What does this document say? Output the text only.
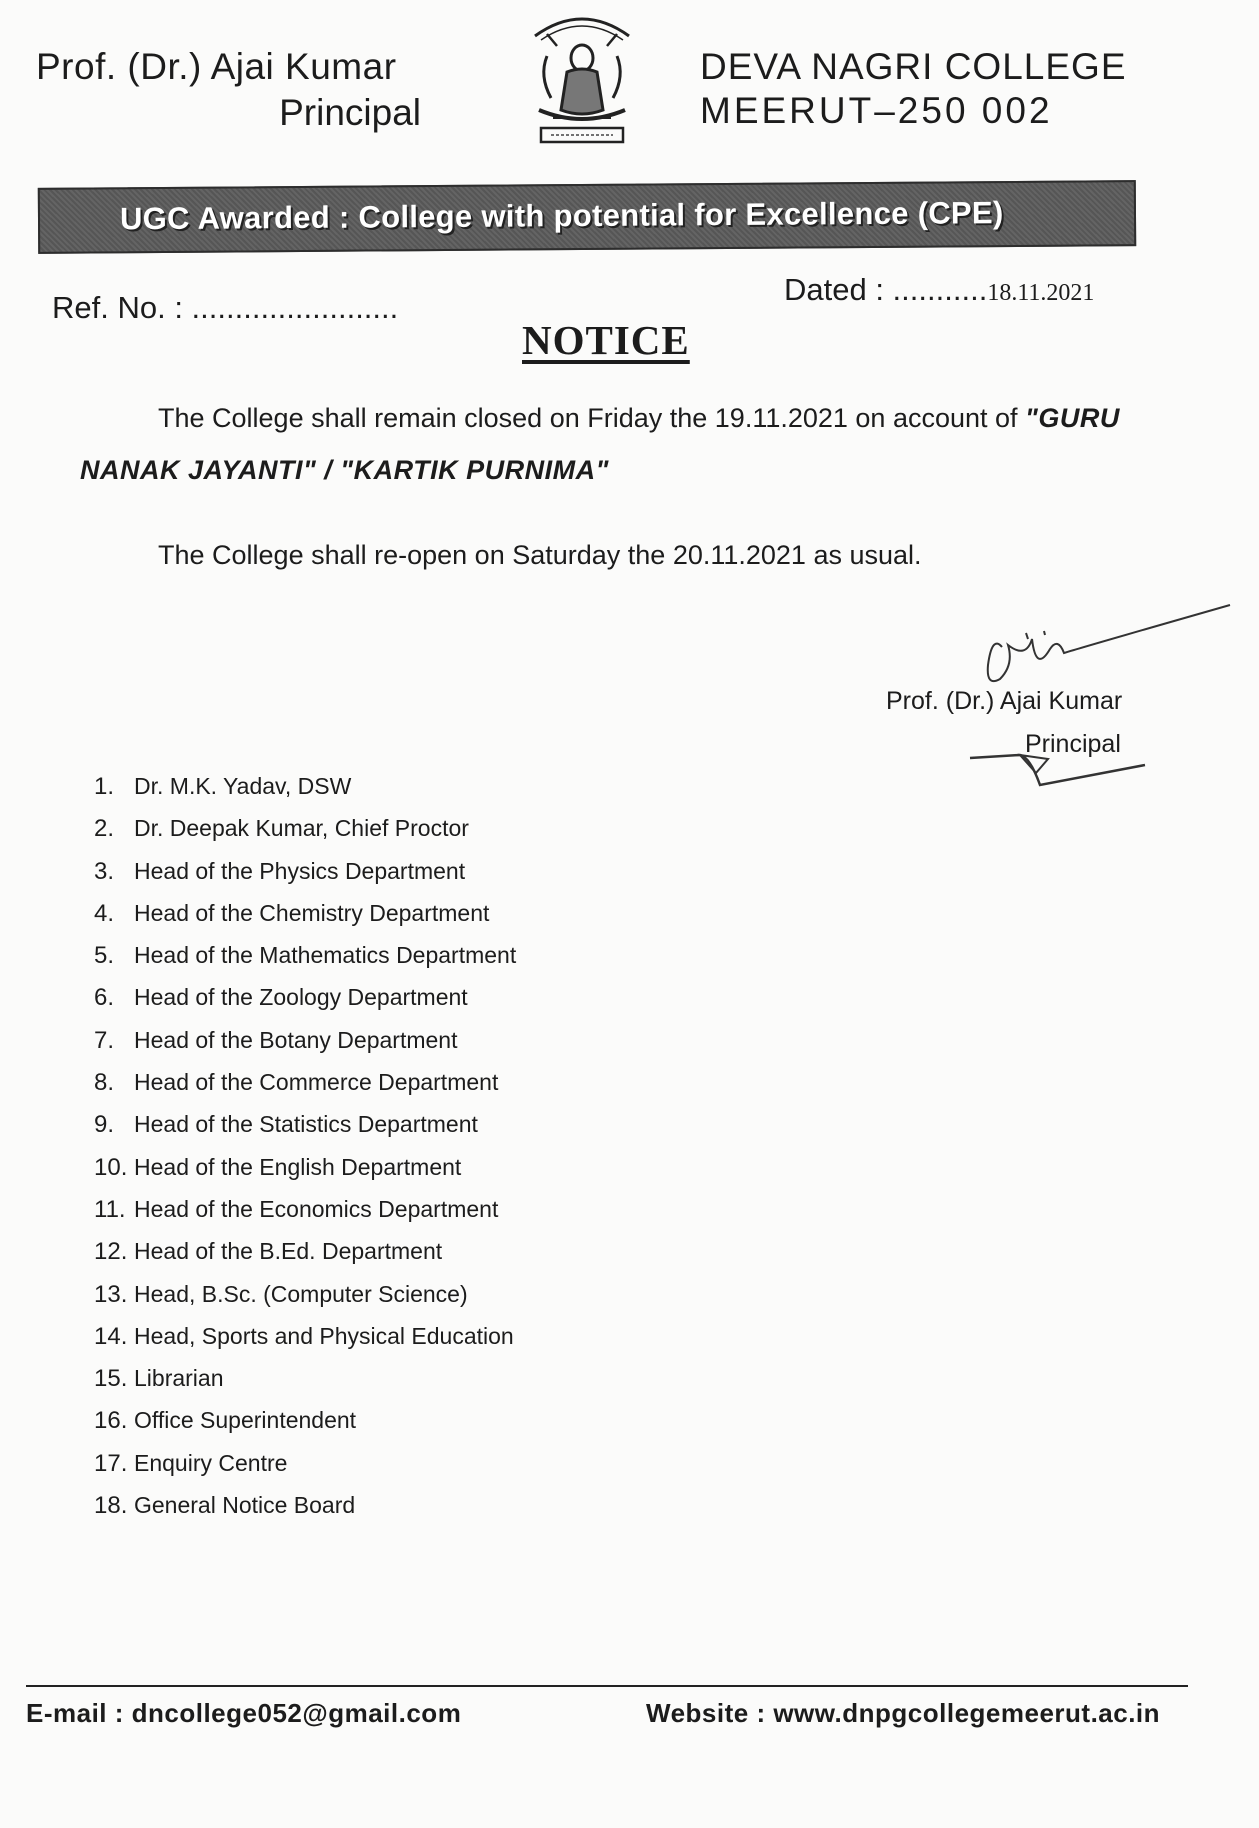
Prof. (Dr.) Ajai Kumar
Principal
DEVA NAGRI COLLEGE
MEERUT–250 002
UGC Awarded : College with potential for Excellence (CPE)
Ref. No. : ........................
Dated : ...........18.11.2021
NOTICE
The College shall remain closed on Friday the 19.11.2021 on account of "GURU NANAK JAYANTI" / "KARTIK PURNIMA"
The College shall re-open on Saturday the 20.11.2021 as usual.
Prof. (Dr.) Ajai Kumar
Principal
1. Dr. M.K. Yadav, DSW
2. Dr. Deepak Kumar, Chief Proctor
3. Head of the Physics Department
4. Head of the Chemistry Department
5. Head of the Mathematics Department
6. Head of the Zoology Department
7. Head of the Botany Department
8. Head of the Commerce Department
9. Head of the Statistics Department
10. Head of the English Department
11. Head of the Economics Department
12. Head of the B.Ed. Department
13. Head, B.Sc. (Computer Science)
14. Head, Sports and Physical Education
15. Librarian
16. Office Superintendent
17. Enquiry Centre
18. General Notice Board
E-mail : dncollege052@gmail.com	Website : www.dnpgcollegemeerut.ac.in
